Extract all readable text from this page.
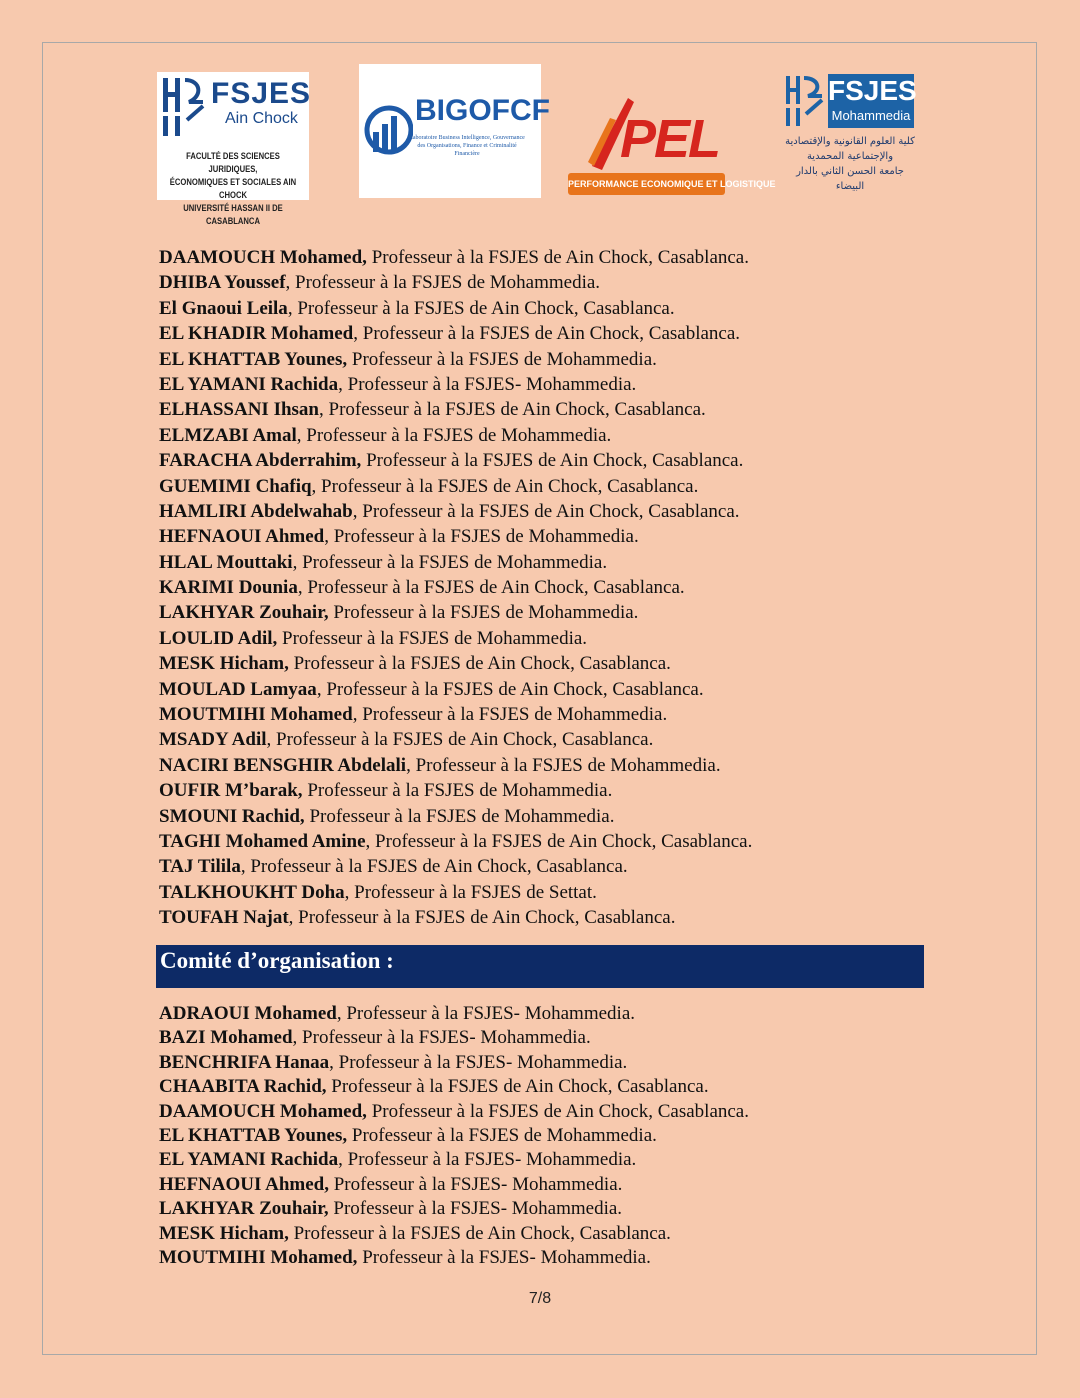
FSJES
Ain Chock
FACULTÉ DES SCIENCES JURIDIQUES,
ÉCONOMIQUES ET SOCIALES AIN CHOCK
UNIVERSITÉ HASSAN II DE CASABLANCA
BIGOFCF
Laboratoire Business Intelligence, Gouvernance des Organisations, Finance et Criminalité Financière	PEL
PERFORMANCE ECONOMIQUE ET LOGISTIQUE
FSJES
Mohammedia
كلية العلوم القانونية والإقتصادية
والإجتماعية المحمدية
جامعة الحسن الثاني بالدار البيضاء
DAAMOUCH Mohamed, Professeur à la FSJES de Ain Chock, Casablanca.
DHIBA Youssef, Professeur à la FSJES de Mohammedia.
El Gnaoui Leila, Professeur à la FSJES de Ain Chock, Casablanca.
EL KHADIR Mohamed, Professeur à la FSJES de Ain Chock, Casablanca.
EL KHATTAB Younes, Professeur à la FSJES de Mohammedia.
EL YAMANI Rachida, Professeur à la FSJES- Mohammedia.
ELHASSANI Ihsan, Professeur à la FSJES de Ain Chock, Casablanca.
ELMZABI Amal, Professeur à la FSJES de Mohammedia.
FARACHA Abderrahim, Professeur à la FSJES de Ain Chock, Casablanca.
GUEMIMI Chafiq, Professeur à la FSJES de Ain Chock, Casablanca.
HAMLIRI Abdelwahab, Professeur à la FSJES de Ain Chock, Casablanca.
HEFNAOUI Ahmed, Professeur à la FSJES de Mohammedia.
HLAL Mouttaki, Professeur à la FSJES de Mohammedia.
KARIMI Dounia, Professeur à la FSJES de Ain Chock, Casablanca.
LAKHYAR Zouhair, Professeur à la FSJES de Mohammedia.
LOULID Adil, Professeur à la FSJES de Mohammedia.
MESK Hicham, Professeur à la FSJES de Ain Chock, Casablanca.
MOULAD Lamyaa, Professeur à la FSJES de Ain Chock, Casablanca.
MOUTMIHI Mohamed, Professeur à la FSJES de Mohammedia.
MSADY Adil, Professeur à la FSJES de Ain Chock, Casablanca.
NACIRI BENSGHIR Abdelali, Professeur à la FSJES de Mohammedia.
OUFIR M’barak, Professeur à la FSJES de Mohammedia.
SMOUNI Rachid, Professeur à la FSJES de Mohammedia.
TAGHI Mohamed Amine, Professeur à la FSJES de Ain Chock, Casablanca.
TAJ Tilila, Professeur à la FSJES de Ain Chock, Casablanca.
TALKHOUKHT Doha, Professeur à la FSJES de Settat.
TOUFAH Najat, Professeur à la FSJES de Ain Chock, Casablanca.
Comité d’organisation :
ADRAOUI Mohamed, Professeur à la FSJES- Mohammedia.
BAZI Mohamed, Professeur à la FSJES- Mohammedia.
BENCHRIFA Hanaa, Professeur à la FSJES- Mohammedia.
CHAABITA Rachid, Professeur à la FSJES de Ain Chock, Casablanca.
DAAMOUCH Mohamed, Professeur à la FSJES de Ain Chock, Casablanca.
EL KHATTAB Younes, Professeur à la FSJES de Mohammedia.
EL YAMANI Rachida, Professeur à la FSJES- Mohammedia.
HEFNAOUI Ahmed, Professeur à la FSJES- Mohammedia.
LAKHYAR Zouhair, Professeur à la FSJES- Mohammedia.
MESK Hicham, Professeur à la FSJES de Ain Chock, Casablanca.
MOUTMIHI Mohamed, Professeur à la FSJES- Mohammedia.
7/8
